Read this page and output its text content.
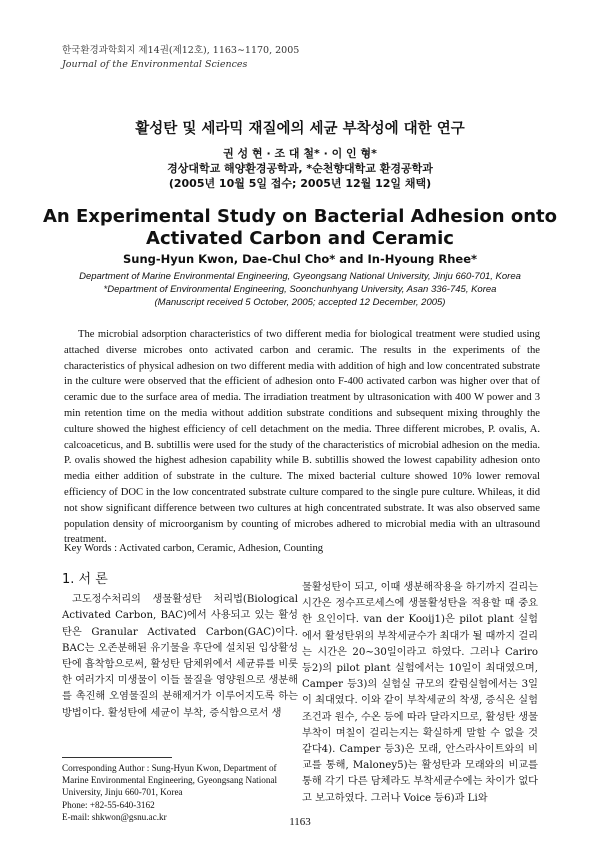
한국환경과학회지 제14권(제12호), 1163∼1170, 2005
Journal of the Environmental Sciences
활성탄 및 세라믹 재질에의 세균 부착성에 대한 연구
권 성 현 · 조 대 철* · 이 인 형*
경상대학교 해양환경공학과, *순천향대학교 환경공학과
(2005년 10월 5일 접수; 2005년 12월 12일 채택)
An Experimental Study on Bacterial Adhesion onto
Activated Carbon and Ceramic
Sung-Hyun Kwon, Dae-Chul Cho* and In-Hyoung Rhee*
Department of Marine Environmental Engineering, Gyeongsang National University, Jinju 660-701, Korea
*Department of Environmental Engineering, Soonchunhyang University, Asan 336-745, Korea
(Manuscript received 5 October, 2005; accepted 12 December, 2005)

The microbial adsorption characteristics of two different media for biological treatment were studied using attached diverse microbes onto activated carbon and ceramic. The results in the experiments of the characteristics of physical adhesion on two different media with addition of high and low concentrated substrate in the culture were observed that the efficient of adhesion onto F-400 activated carbon was higher over that of ceramic due to the surface area of media. The irradiation treatment by ultrasonication with 400 W power and 3 min retention time on the media without addition substrate conditions and subsequent mixing throughly the culture showed the highest efficiency of cell detachment on the media. Three different microbes, P. ovalis, A. calcoaceticus, and B. subtillis were used for the study of the characteristics of microbial adhesion on the media. P. ovalis showed the highest adhesion capability while B. subtillis showed the lowest capability adhesion onto media either addition of substrate in the culture. The mixed bacterial culture showed 10% lower removal efficiency of DOC in the low concentrated substrate culture compared to the single pure culture. Whileas, it did not show significant difference between two cultures at high concentrated substrate. It was also observed same population density of microorganism by counting of microbes adhered to microbial media with an ultrasound treatment.

Key Words : Activated carbon, Ceramic, Adhesion, Counting
1. 서 론

고도정수처리의 생물활성탄 처리법(Biological Activated Carbon, BAC)에서 사용되고 있는 활성탄은 Granular Activated Carbon(GAC)이다. BAC는 오존분해된 유기물을 후단에 설치된 입상활성탄에 흡착함으로써, 활성탄 담체위에서 세균류를 비롯한 여러가지 미생물이 이들 물질을 영양원으로 생분해를 촉진해 오염물질의 분해제거가 이루어지도록 하는 방법이다. 활성탄에 세균이 부착, 증식함으로서 생

물활성탄이 되고, 이때 생분해작용을 하기까지 걸리는 시간은 정수프로세스에 생물활성탄을 적용할 때 중요한 요인이다. van der Kooij1)은 pilot plant 실험에서 활성탄위의 부착세균수가 최대가 될 때까지 걸리는 시간은 20∼30일이라고 하였다. 그러나 Cariro 등2)의 pilot plant 실험에서는 10일이 최대였으며, Camper 등3)의 실험실 규모의 칼럼실험에서는 3일이 최대였다. 이와 같이 부착세균의 착생, 증식은 실험조건과 원수, 수온 등에 따라 달라지므로, 활성탄 생물부착이 며칠이 걸리는지는 확실하게 말할 수 없을 것 같다4). Camper 등3)은 모래, 안스라사이트와의 비교를 통해, Maloney5)는 활성탄과 모래와의 비교를 통해 각기 다른 담체라도 부착세균수에는 차이가 없다고 보고하였다. 그러나 Voice 등6)과 Li와

Corresponding Author : Sung-Hyun Kwon, Department of Marine Environmental Engineering, Gyeongsang National University, Jinju 660-701, Korea

Phone: +82-55-640-3162

E-mail: shkwon@gsnu.ac.kr	1163
